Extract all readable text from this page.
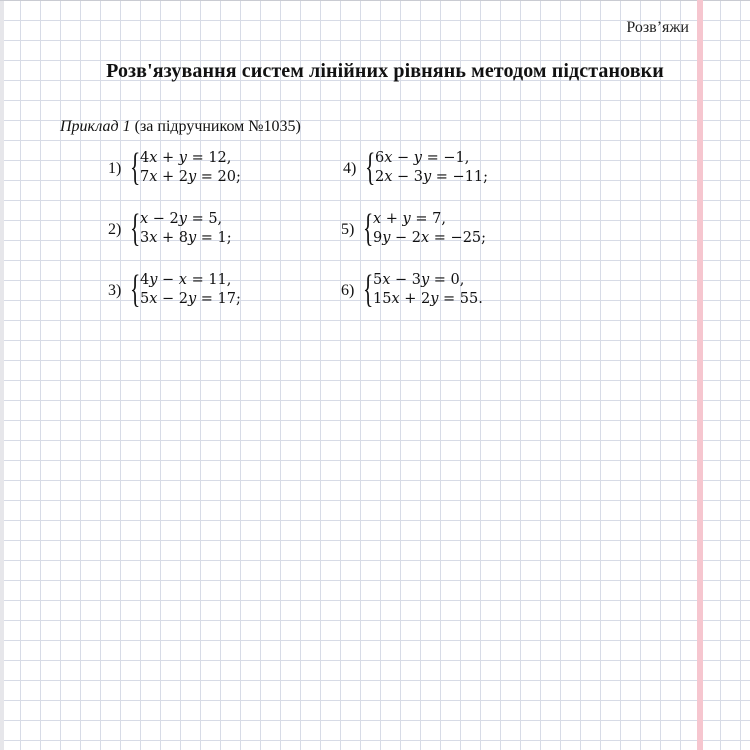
Розв’яжи
Розв'язування систем лінійних рівнянь методом підстановки
Приклад 1 (за підручником №1035)
1) { 4𝑥 + 𝑦 = 12,
7𝑥 + 2𝑦 = 20;
2) { 𝑥 − 2𝑦 = 5,
3𝑥 + 8𝑦 = 1;
3) { 4𝑦 − 𝑥 = 11,
5𝑥 − 2𝑦 = 17;
4) { 6𝑥 − 𝑦 = −1,
2𝑥 − 3𝑦 = −11;
5) { 𝑥 + 𝑦 = 7,
9𝑦 − 2𝑥 = −25;
6) { 5𝑥 − 3𝑦 = 0,
15𝑥 + 2𝑦 = 55.
